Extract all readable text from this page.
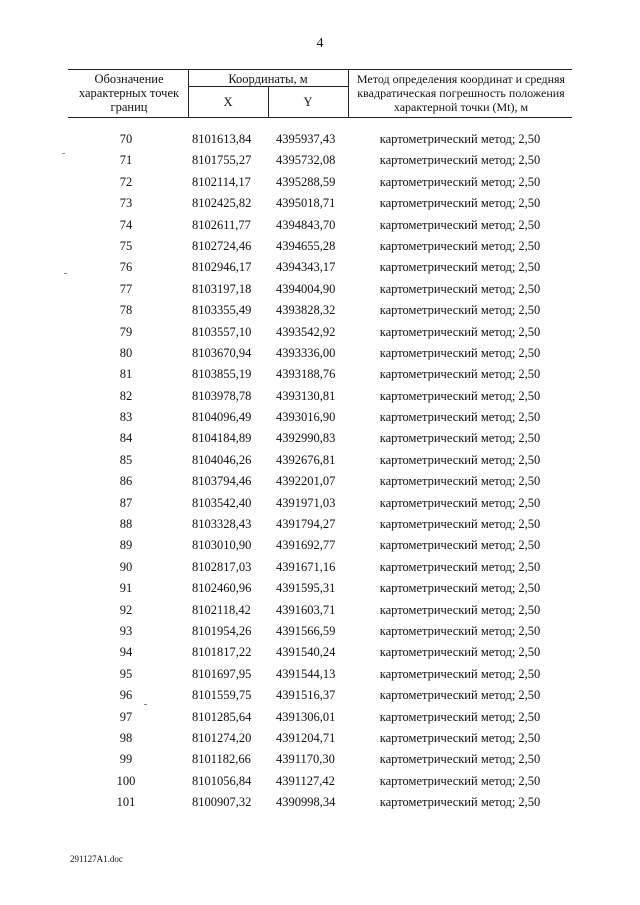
4
Обозначение характерных точек границ
Координаты, м
X	Y
Метод определения координат и средняя квадратическая погрешность положения характерной точки (Mt), м
70	8101613,84	4395937,43	картометрический метод; 2,50
71	8101755,27	4395732,08	картометрический метод; 2,50
72	8102114,17	4395288,59	картометрический метод; 2,50
73	8102425,82	4395018,71	картометрический метод; 2,50
74	8102611,77	4394843,70	картометрический метод; 2,50
75	8102724,46	4394655,28	картометрический метод; 2,50
76	8102946,17	4394343,17	картометрический метод; 2,50
77	8103197,18	4394004,90	картометрический метод; 2,50
78	8103355,49	4393828,32	картометрический метод; 2,50
79	8103557,10	4393542,92	картометрический метод; 2,50
80	8103670,94	4393336,00	картометрический метод; 2,50
81	8103855,19	4393188,76	картометрический метод; 2,50
82	8103978,78	4393130,81	картометрический метод; 2,50
83	8104096,49	4393016,90	картометрический метод; 2,50
84	8104184,89	4392990,83	картометрический метод; 2,50
85	8104046,26	4392676,81	картометрический метод; 2,50
86	8103794,46	4392201,07	картометрический метод; 2,50
87	8103542,40	4391971,03	картометрический метод; 2,50
88	8103328,43	4391794,27	картометрический метод; 2,50
89	8103010,90	4391692,77	картометрический метод; 2,50
90	8102817,03	4391671,16	картометрический метод; 2,50
91	8102460,96	4391595,31	картометрический метод; 2,50
92	8102118,42	4391603,71	картометрический метод; 2,50
93	8101954,26	4391566,59	картометрический метод; 2,50
94	8101817,22	4391540,24	картометрический метод; 2,50
95	8101697,95	4391544,13	картометрический метод; 2,50
96	8101559,75	4391516,37	картометрический метод; 2,50
97	8101285,64	4391306,01	картометрический метод; 2,50
98	8101274,20	4391204,71	картометрический метод; 2,50
99	8101182,66	4391170,30	картометрический метод; 2,50
100	8101056,84	4391127,42	картометрический метод; 2,50
101	8100907,32	4390998,34	картометрический метод; 2,50
291127A1.doc
